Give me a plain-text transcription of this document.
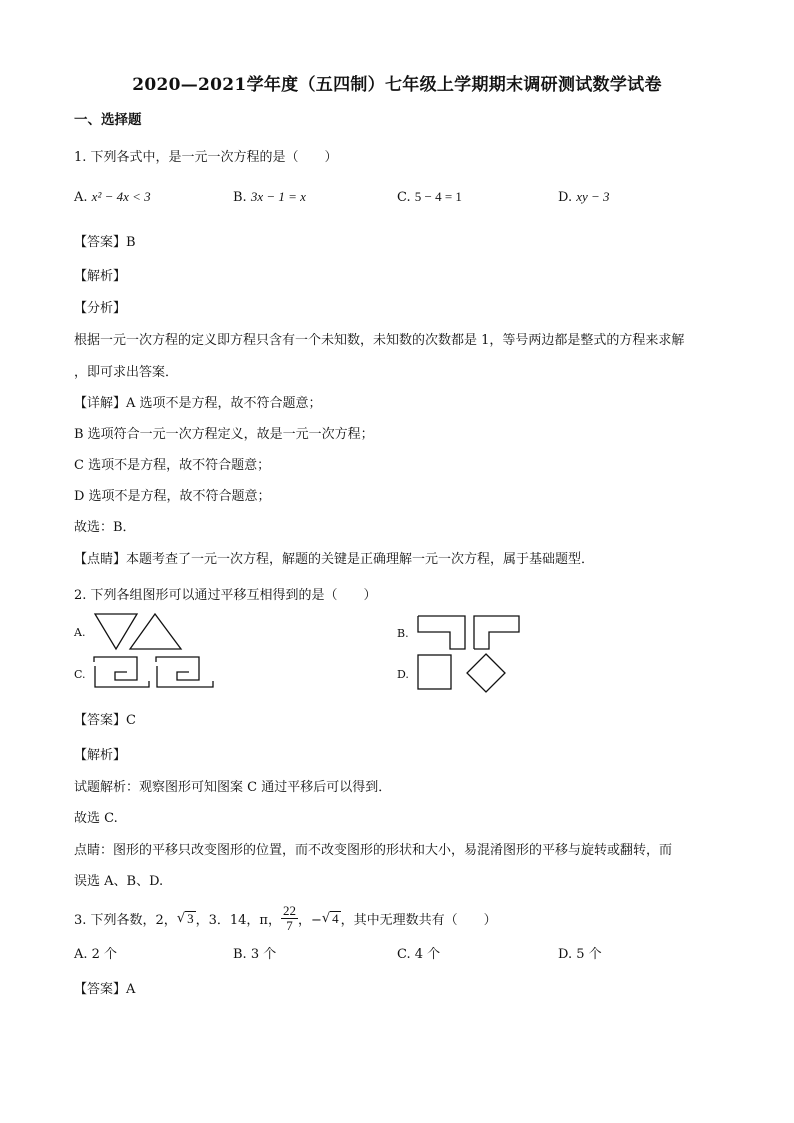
2020—2021学年度（五四制）七年级上学期期末调研测试数学试卷
一、选择题
1. 下列各式中，是一元一次方程的是（　　）
A. x² − 4x < 3	B. 3x − 1 = x	C. 5 − 4 = 1	D. xy − 3
【答案】B
【解析】
【分析】
根据一元一次方程的定义即方程只含有一个未知数，未知数的次数都是 1，等号两边都是整式的方程来求解
，即可求出答案．
【详解】A 选项不是方程，故不符合题意；
B 选项符合一元一次方程定义，故是一元一次方程；
C 选项不是方程，故不符合题意；
D 选项不是方程，故不符合题意；
故选：B．
【点睛】本题考查了一元一次方程，解题的关键是正确理解一元一次方程，属于基础题型．
2. 下列各组图形可以通过平移互相得到的是（　　）
A.	B.
C.	D.
【答案】C
【解析】
试题解析：观察图形可知图案 C 通过平移后可以得到．
故选 C.
点睛：图形的平移只改变图形的位置，而不改变图形的形状和大小，易混淆图形的平移与旋转或翻转，而
误选 A、B、D.
3. 下列各数，2， √ 3 ，3．14，π， $\frac{22}{7}$ ，− √ 4 ，其中无理数共有（　　）
A. 2 个	B. 3 个	C. 4 个	D. 5 个
【答案】A
